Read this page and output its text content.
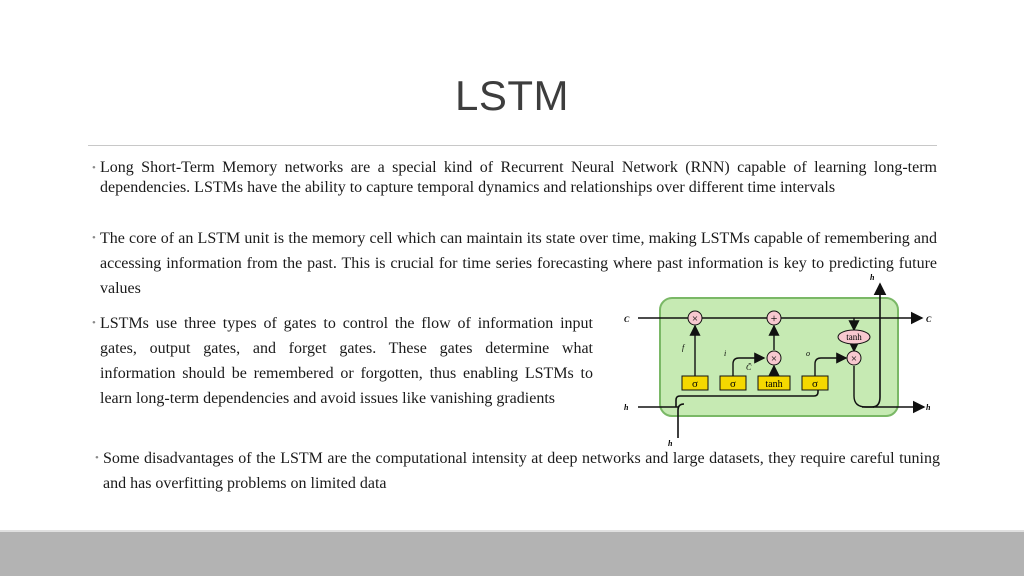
LSTM
• Long Short-Term Memory networks are a special kind of Recurrent Neural Network (RNN) capable of learning long-term dependencies. LSTMs have the ability to capture temporal dynamics and relationships over different time intervals
• The core of an LSTM unit is the memory cell which can maintain its state over time, making LSTMs capable of remembering and accessing information from the past. This is crucial for time series forecasting where past information is key to predicting future values
• LSTMs use three types of gates to control the flow of information input gates, output gates, and forget gates. These gates determine what information should be remembered or forgotten, thus enabling LSTMs to learn long-term dependencies and avoid issues like vanishing gradients
• Some disadvantages of the LSTM are the computational intensity at deep networks and large datasets, they require careful tuning and has overfitting problems on limited data
σ	σ	tanh	σ
×	+
×	×
tanh
C	C
h	h
h
h
f
i
C̃
o
